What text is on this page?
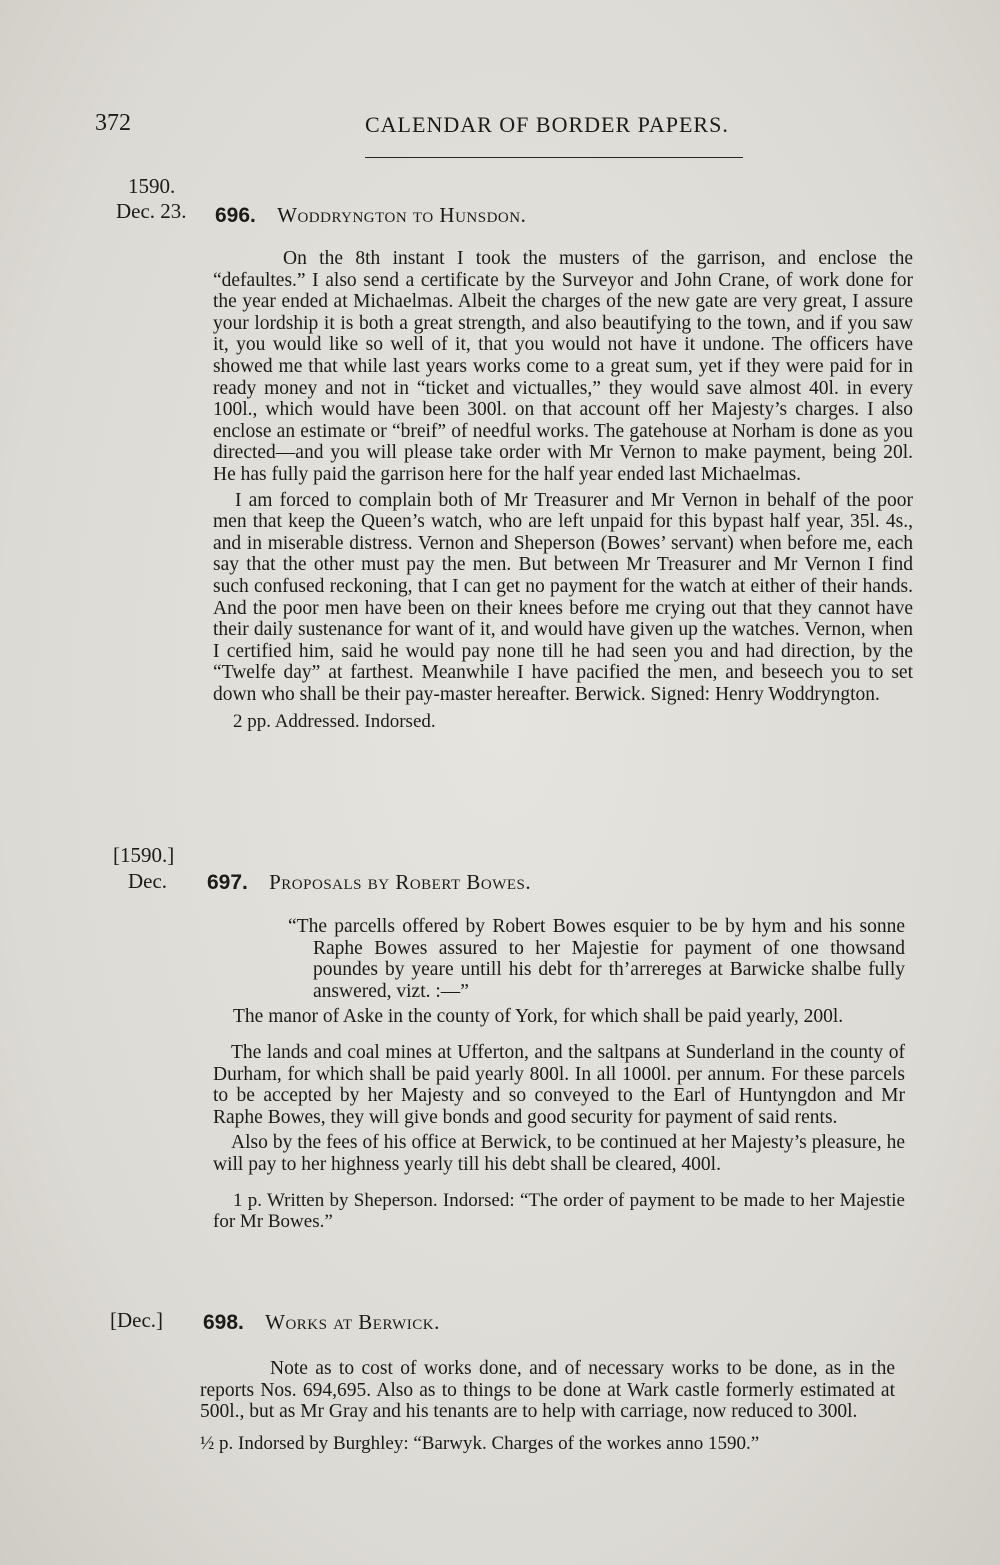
372	CALENDAR OF BORDER PAPERS.
1590.
Dec. 23. 696. Woddryngton to Hunsdon.

On the 8th instant I took the musters of the garrison, and enclose the “defaultes.” I also send a certificate by the Surveyor and John Crane, of work done for the year ended at Michaelmas. Albeit the charges of the new gate are very great, I assure your lordship it is both a great strength, and also beautifying to the town, and if you saw it, you would like so well of it, that you would not have it undone. The officers have showed me that while last years works come to a great sum, yet if they were paid for in ready money and not in “ticket and victualles,” they would save almost 40l. in every 100l., which would have been 300l. on that account off her Majesty’s charges. I also enclose an estimate or “breif” of needful works. The gatehouse at Norham is done as you directed—and you will please take order with Mr Vernon to make payment, being 20l. He has fully paid the garrison here for the half year ended last Michaelmas.

I am forced to complain both of Mr Treasurer and Mr Vernon in behalf of the poor men that keep the Queen’s watch, who are left unpaid for this bypast half year, 35l. 4s., and in miserable distress. Vernon and Sheperson (Bowes’ servant) when before me, each say that the other must pay the men. But between Mr Treasurer and Mr Vernon I find such confused reckoning, that I can get no payment for the watch at either of their hands. And the poor men have been on their knees before me crying out that they cannot have their daily sustenance for want of it, and would have given up the watches. Vernon, when I certified him, said he would pay none till he had seen you and had direction, by the “Twelfe day” at farthest. Meanwhile I have pacified the men, and beseech you to set down who shall be their pay-master hereafter. Berwick. Signed: Henry Woddryngton.

2 pp. Addressed. Indorsed.

[1590.]
Dec. 697. Proposals by Robert Bowes.

“The parcells offered by Robert Bowes esquier to be by hym and his sonne Raphe Bowes assured to her Majestie for payment of one thowsand poundes by yeare untill his debt for th’arrereges at Barwicke shalbe fully answered, vizt. :—”

The manor of Aske in the county of York, for which shall be paid yearly, 200l.

The lands and coal mines at Ufferton, and the saltpans at Sunderland in the county of Durham, for which shall be paid yearly 800l. In all 1000l. per annum. For these parcels to be accepted by her Majesty and so conveyed to the Earl of Huntyngdon and Mr Raphe Bowes, they will give bonds and good security for payment of said rents.

Also by the fees of his office at Berwick, to be continued at her Majesty’s pleasure, he will pay to her highness yearly till his debt shall be cleared, 400l.

1 p. Written by Sheperson. Indorsed: “The order of payment to be made to her Majestie for Mr Bowes.”

[Dec.] 698. Works at Berwick.

Note as to cost of works done, and of necessary works to be done, as in the reports Nos. 694,695. Also as to things to be done at Wark castle formerly estimated at 500l., but as Mr Gray and his tenants are to help with carriage, now reduced to 300l.

½ p. Indorsed by Burghley: “Barwyk. Charges of the workes anno 1590.”
